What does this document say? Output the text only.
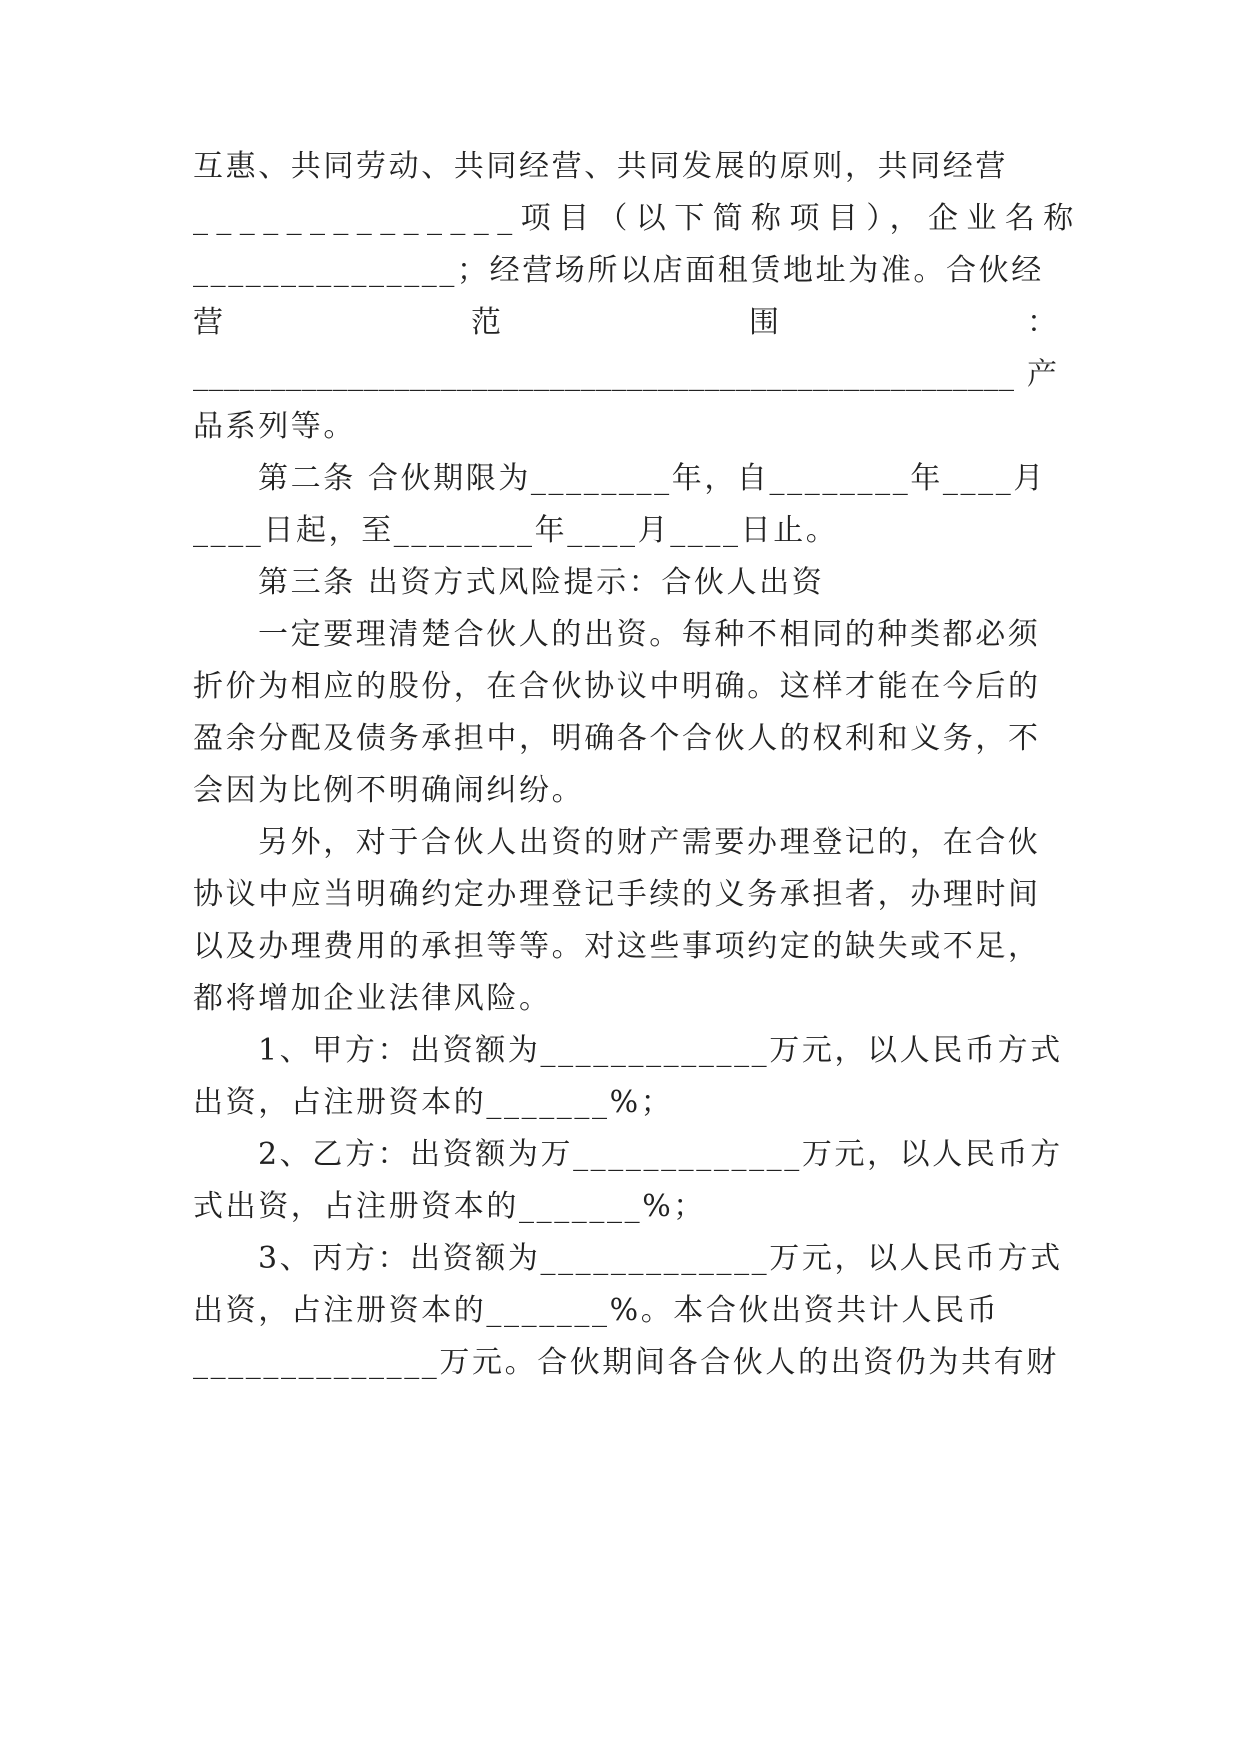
互惠、共同劳动、共同经营、共同发展的原则，共同经营
______________项目（以下简称项目），企业名称
_______________；经营场所以店面租赁地址为准。合伙经
营	范	围	：
_____________________________________________________ 产
品系列等。
第二条 合伙期限为________年，自________年____月
____日起，至________年____月____日止。
第三条 出资方式风险提示：合伙人出资
一定要理清楚合伙人的出资。每种不相同的种类都必须
折价为相应的股份，在合伙协议中明确。这样才能在今后的
盈余分配及债务承担中，明确各个合伙人的权利和义务，不
会因为比例不明确闹纠纷。
另外，对于合伙人出资的财产需要办理登记的，在合伙
协议中应当明确约定办理登记手续的义务承担者，办理时间
以及办理费用的承担等等。对这些事项约定的缺失或不足，
都将增加企业法律风险。
1、甲方：出资额为_____________万元，以人民币方式
出资，占注册资本的_______%；
2、乙方：出资额为万_____________万元，以人民币方
式出资，占注册资本的_______%；
3、丙方：出资额为_____________万元，以人民币方式
出资，占注册资本的_______%。本合伙出资共计人民币
______________万元。合伙期间各合伙人的出资仍为共有财
